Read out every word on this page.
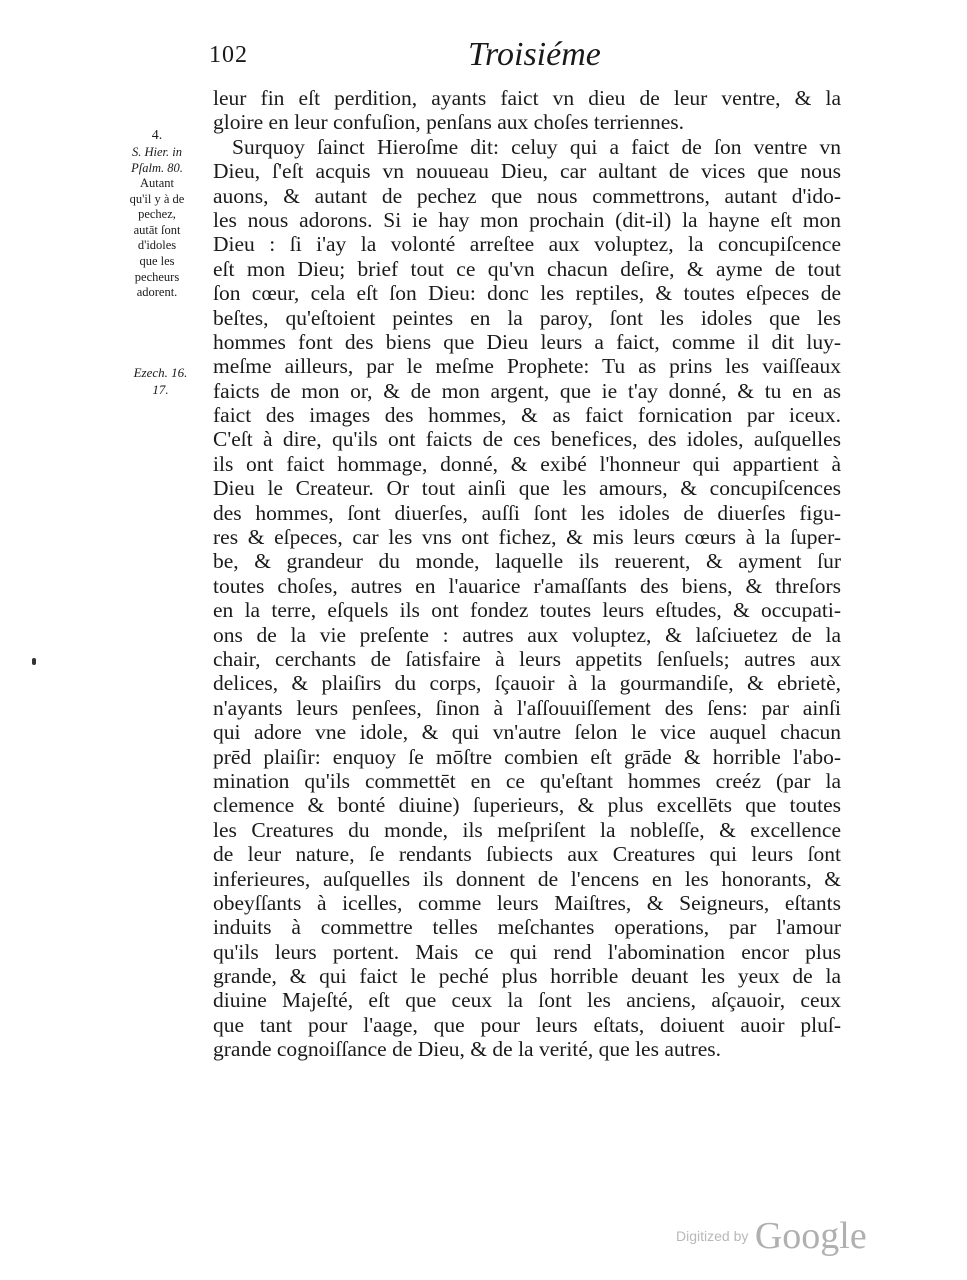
102	Troisiéme
4.
S. Hier. in
Pſalm. 80.
Autant
qu'il y à de
pechez,
autāt ſont
d'idoles
que les
pecheurs
adorent.
Ezech. 16.
17.
leur fin eſt perdition, ayants faict vn dieu de leur ventre, & la
gloire en leur confuſion, penſans aux choſes terriennes.
Surquoy ſainct Hieroſme dit: celuy qui a faict de ſon ventre vn
Dieu, ſ'eſt acquis vn nouueau Dieu, car aultant de vices que nous
auons, & autant de pechez que nous commettrons, autant d'ido-
les nous adorons. Si ie hay mon prochain (dit-il) la hayne eſt mon
Dieu : ſi i'ay la volonté arreſtee aux voluptez, la concupiſcence
eſt mon Dieu; brief tout ce qu'vn chacun deſire, & ayme de tout
ſon cœur, cela eſt ſon Dieu: donc les reptiles, & toutes eſpeces de
beſtes, qu'eſtoient peintes en la paroy, ſont les idoles que les
hommes font des biens que Dieu leurs a faict, comme il dit luy-
meſme ailleurs, par le meſme Prophete: Tu as prins les vaiſſeaux
faicts de mon or, & de mon argent, que ie t'ay donné, & tu en as
faict des images des hommes, & as faict fornication par iceux.
C'eſt à dire, qu'ils ont faicts de ces benefices, des idoles, auſquelles
ils ont faict hommage, donné, & exibé l'honneur qui appartient à
Dieu le Createur. Or tout ainſi que les amours, & concupiſcences
des hommes, ſont diuerſes, auſſi ſont les idoles de diuerſes figu-
res & eſpeces, car les vns ont fichez, & mis leurs cœurs à la ſuper-
be, & grandeur du monde, laquelle ils reuerent, & ayment ſur
toutes choſes, autres en l'auarice r'amaſſants des biens, & threſors
en la terre, eſquels ils ont fondez toutes leurs eſtudes, & occupati-
ons de la vie preſente : autres aux voluptez, & laſciuetez de la
chair, cerchants de ſatisfaire à leurs appetits ſenſuels; autres aux
delices, & plaiſirs du corps, ſçauoir à la gourmandiſe, & ebrietè,
n'ayants leurs penſees, ſinon à l'aſſouuiſſement des ſens: par ainſi
qui adore vne idole, & qui vn'autre ſelon le vice auquel chacun
prēd plaiſir: enquoy ſe mōſtre combien eſt grāde & horrible l'abo-
mination qu'ils commettēt en ce qu'eſtant hommes creéz (par la
clemence & bonté diuine) ſuperieurs, & plus excellēts que toutes
les Creatures du monde, ils meſpriſent la nobleſſe, & excellence
de leur nature, ſe rendants ſubiects aux Creatures qui leurs ſont
inferieures, auſquelles ils donnent de l'encens en les honorants, &
obeyſſants à icelles, comme leurs Maiſtres, & Seigneurs, eſtants
induits à commettre telles meſchantes operations, par l'amour
qu'ils leurs portent. Mais ce qui rend l'abomination encor plus
grande, & qui faict le peché plus horrible deuant les yeux de la
diuine Majeſté, eſt que ceux la ſont les anciens, aſçauoir, ceux
que tant pour l'aage, que pour leurs eſtats, doiuent auoir pluſ-
grande cognoiſſance de Dieu, & de la verité, que les autres.
Digitized by Google
